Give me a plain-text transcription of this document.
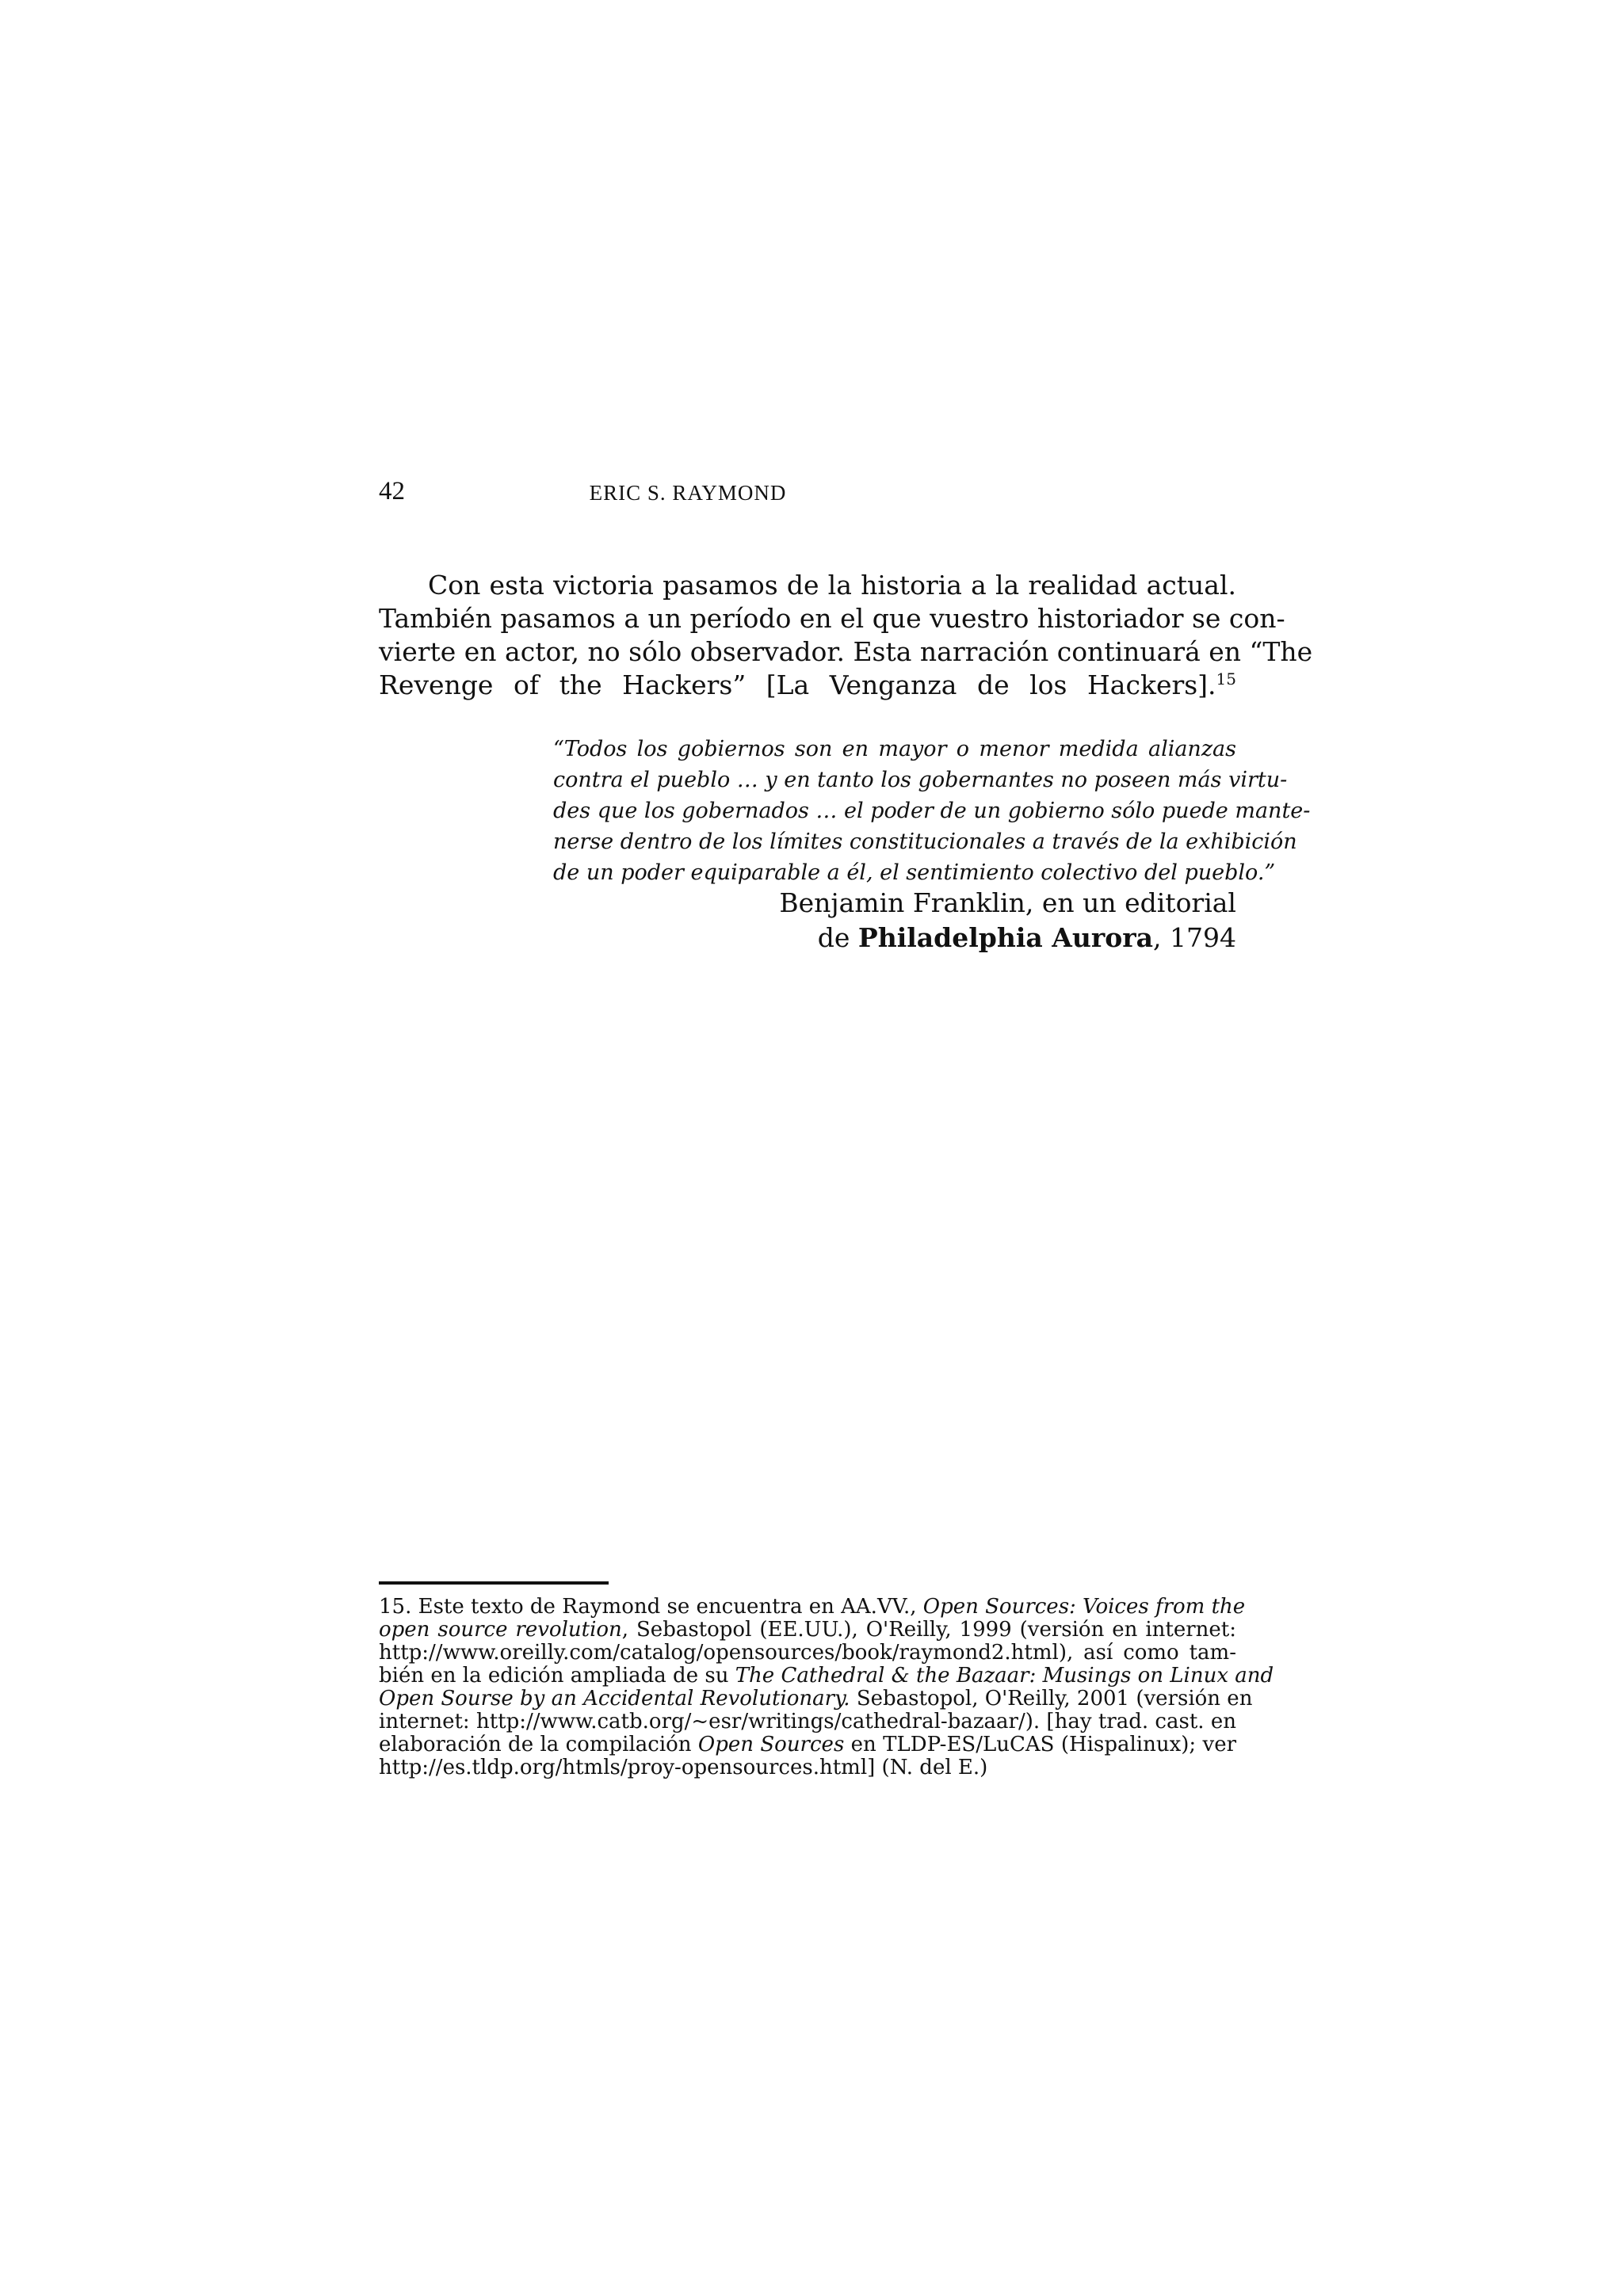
42	ERIC S. RAYMOND

Con esta victoria pasamos de la historia a la realidad actual.
También pasamos a un período en el que vuestro historiador se con-
vierte en actor, no sólo observador. Esta narración continuará en “The
Revenge of the Hackers” [La Venganza de los Hackers].$^{15}$

“Todos los gobiernos son en mayor o menor medida alianzas
contra el pueblo … y en tanto los gobernantes no poseen más virtu-
des que los gobernados … el poder de un gobierno sólo puede mante-
nerse dentro de los límites constitucionales a través de la exhibición
de un poder equiparable a él, el sentimiento colectivo del pueblo.”

Benjamin Franklin, en un editorial
de Philadelphia Aurora, 1794

15. Este texto de Raymond se encuentra en AA.VV., Open Sources: Voices from the
open source revolution, Sebastopol (EE.UU.), O'Reilly, 1999 (versión en internet:
http://www.oreilly.com/catalog/opensources/book/raymond2.html), así como tam-
bién en la edición ampliada de su The Cathedral & the Bazaar: Musings on Linux and
Open Sourse by an Accidental Revolutionary. Sebastopol, O'Reilly, 2001 (versión en
internet: http://www.catb.org/~esr/writings/cathedral-bazaar/). [hay trad. cast. en
elaboración de la compilación Open Sources en TLDP-ES/LuCAS (Hispalinux); ver
http://es.tldp.org/htmls/proy-opensources.html] (N. del E.)
